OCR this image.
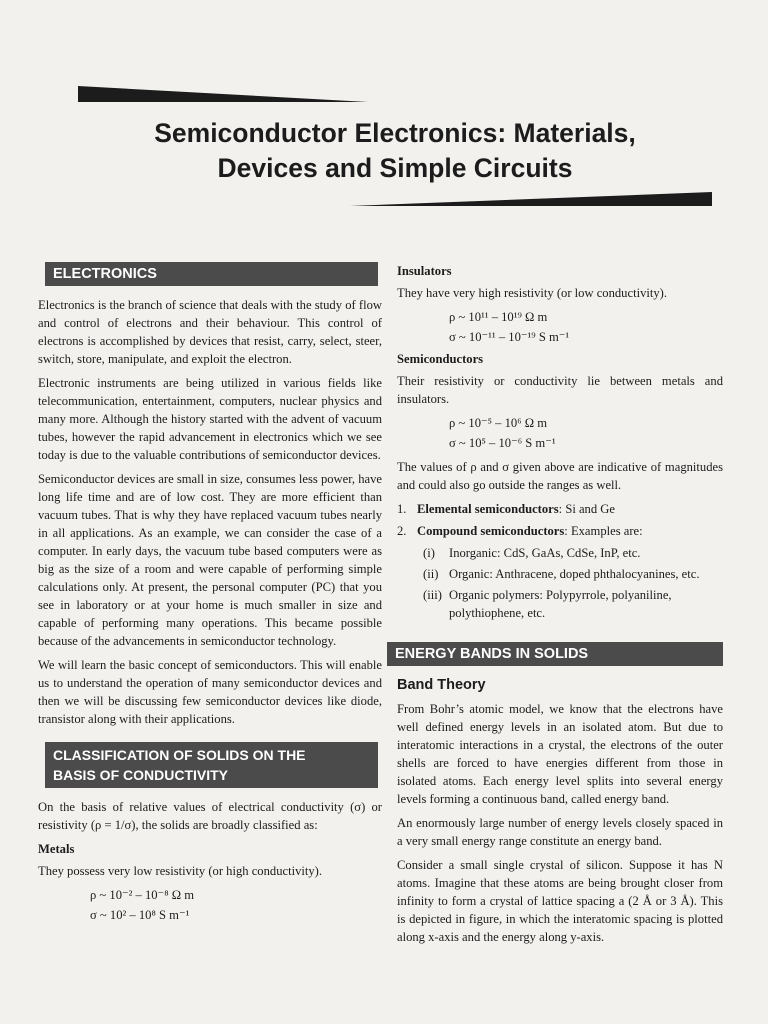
Semiconductor Electronics: Materials,
Devices and Simple Circuits
ELECTRONICS

Electronics is the branch of science that deals with the study of flow and control of electrons and their behaviour. This control of electrons is accomplished by devices that resist, carry, select, steer, switch, store, manipulate, and exploit the electron.

Electronic instruments are being utilized in various fields like telecommunication, entertainment, computers, nuclear physics and many more. Although the history started with the advent of vacuum tubes, however the rapid advancement in electronics which we see today is due to the valuable contributions of semiconductor devices.

Semiconductor devices are small in size, consumes less power, have long life time and are of low cost. They are more efficient than vacuum tubes. That is why they have replaced vacuum tubes nearly in all applications. As an example, we can consider the case of a computer. In early days, the vacuum tube based computers were as big as the size of a room and were capable of performing simple calculations only. At present, the personal computer (PC) that you see in laboratory or at your home is much smaller in size and capable of performing many operations. This became possible because of the advancements in semiconductor technology.

We will learn the basic concept of semiconductors. This will enable us to understand the operation of many semiconductor devices and then we will be discussing few semiconductor devices like diode, transistor along with their applications.

CLASSIFICATION OF SOLIDS ON THE
BASIS OF CONDUCTIVITY

On the basis of relative values of electrical conductivity (σ) or resistivity (ρ = 1/σ), the solids are broadly classified as:

Metals

They possess very low resistivity (or high conductivity).

ρ ~ 10⁻² – 10⁻⁸ Ω m
σ ~ 10² – 10⁸ S m⁻¹
Insulators

They have very high resistivity (or low conductivity).

ρ ~ 10¹¹ – 10¹⁹ Ω m
σ ~ 10⁻¹¹ – 10⁻¹⁹ S m⁻¹
Semiconductors

Their resistivity or conductivity lie between metals and insulators.

ρ ~ 10⁻⁵ – 10⁶ Ω m
σ ~ 10⁵ – 10⁻⁶ S m⁻¹

The values of ρ and σ given above are indicative of magnitudes and could also go outside the ranges as well.

1. Elemental semiconductors: Si and Ge
2. Compound semiconductors: Examples are:
(i)	Inorganic: CdS, GaAs, CdSe, InP, etc.
(ii) Organic: Anthracene, doped phthalocyanines, etc.
(iii) Organic polymers: Polypyrrole, polyaniline, polythiophene, etc.
ENERGY BANDS IN SOLIDS
Band Theory

From Bohr’s atomic model, we know that the electrons have well defined energy levels in an isolated atom. But due to interatomic interactions in a crystal, the electrons of the outer shells are forced to have energies different from those in isolated atoms. Each energy level splits into several energy levels forming a continuous band, called energy band.

An enormously large number of energy levels closely spaced in a very small energy range constitute an energy band.

Consider a small single crystal of silicon. Suppose it has N atoms. Imagine that these atoms are being brought closer from infinity to form a crystal of lattice spacing a (2 Å or 3 Å). This is depicted in figure, in which the interatomic spacing is plotted along x-axis and the energy along y-axis.
